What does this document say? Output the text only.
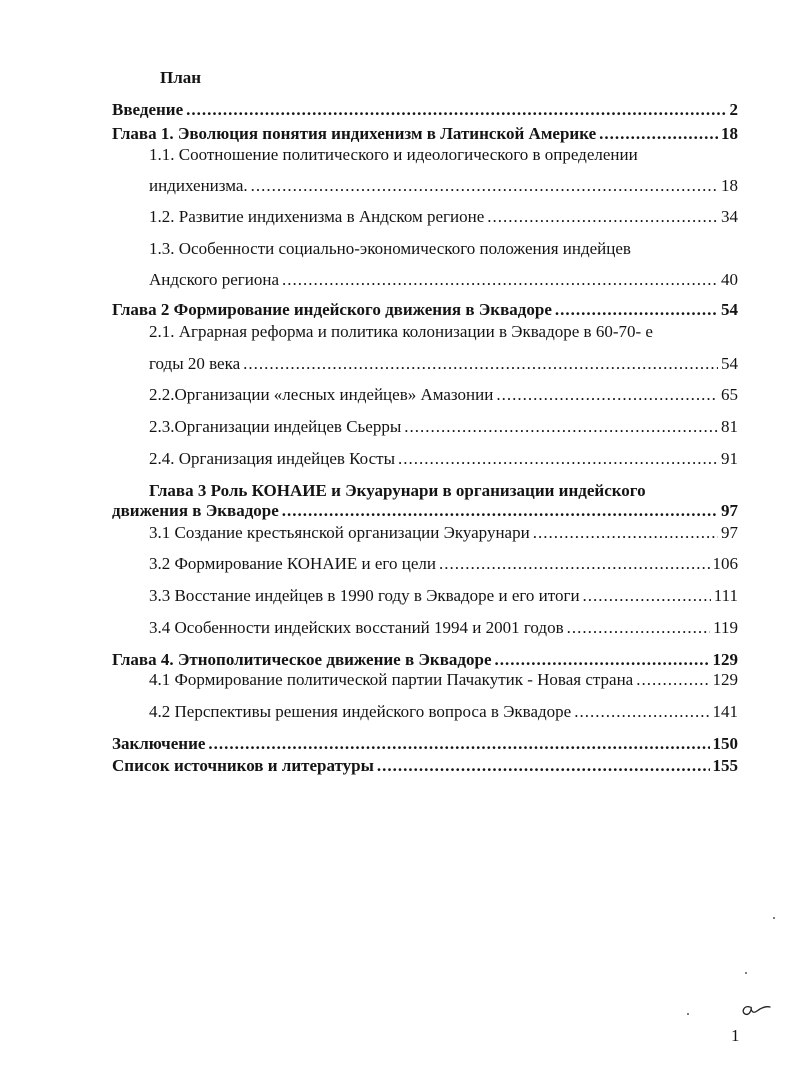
План
Введение .....	2
Глава 1. Эволюция понятия индихенизм в Латинской Америке .....	18
1.1. Соотношение политического и идеологического в определении
индихенизма. .....	18
1.2. Развитие индихенизма в Андском регионе .....	34
1.3. Особенности социально-экономического положения индейцев
Андского региона .....	40
Глава 2 Формирование индейского движения в Эквадоре .....	54
2.1. Аграрная реформа и политика колонизации в Эквадоре в 60-70- е
годы 20 века .....	54
2.2.Организации «лесных индейцев» Амазонии .....	65
2.3.Организации индейцев Сьерры .....	81
2.4. Организация индейцев Косты .....	91
Глава 3 Роль КОНАИЕ и Экуарунари в организации индейского
движения в Эквадоре .....	97
3.1 Создание крестьянской организации Экуарунари .....	97
3.2 Формирование КОНАИЕ и его цели .....	106
3.3 Восстание индейцев в 1990 году в Эквадоре и его итоги .....	111
3.4 Особенности индейских восстаний 1994 и 2001 годов .....	119
Глава 4. Этнополитическое движение в Эквадоре .....	129
4.1 Формирование политической партии Пачакутик - Новая страна .....	129
4.2 Перспективы решения индейского вопроса в Эквадоре .....	141
Заключение .....	150
Список источников и литературы .....	155
1
